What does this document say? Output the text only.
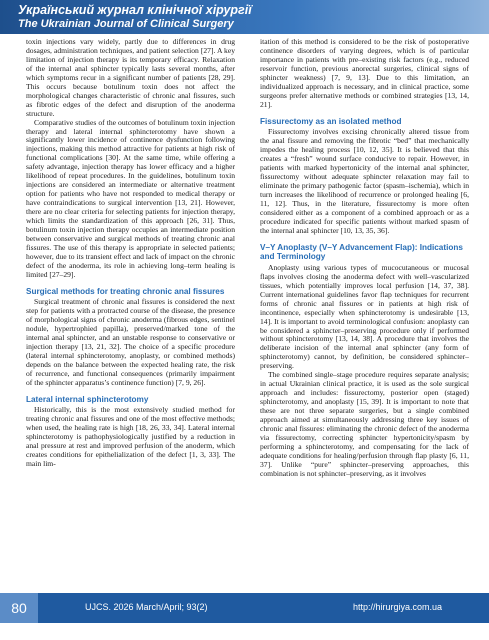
Український журнал клінічної хірургії
The Ukrainian Journal of Clinical Surgery

toxin injections vary widely, partly due to differences in drug dosages, administration techniques, and patient selection [27]. A key limitation of injection therapy is its temporary efficacy. Relaxation of the internal anal sphincter typically lasts several months, after which symptoms recur in a significant number of patients [28, 29]. This occurs because botulinum toxin does not affect the morphological changes characteristic of chronic anal fissures, such as fibrotic edges of the defect and disruption of the anoderma structure.

Comparative studies of the outcomes of botulinum toxin injection therapy and lateral internal sphincterotomy have shown a significantly lower incidence of continence dysfunction following injections, making this method attractive for patients at high risk of functional complications [30]. At the same time, while offering a safety advantage, injection therapy has lower efficacy and a higher likelihood of repeat procedures. In the guidelines, botulinum toxin injections are considered an intermediate or alternative treatment option for patients who have not responded to medical therapy or have contraindications to surgical intervention [13, 21]. However, there are no clear criteria for selecting patients for injection therapy, which limits the standardization of this approach [26, 31]. Thus, botulinum toxin injection therapy occupies an intermediate position between conservative and surgical methods of treating chronic anal fissures. The use of this therapy is appropriate in selected patients; however, due to its transient effect and lack of impact on the chronic defect of the anoderma, its role in achieving long–term healing is limited [27–29].

Surgical methods for treating chronic anal fissures

Surgical treatment of chronic anal fissures is considered the next step for patients with a protracted course of the disease, the presence of morphological signs of chronic anoderma (fibrous edges, sentinel nodule, hypertrophied papilla), preserved/marked tone of the internal anal sphincter, and an unstable response to conservative or injection therapy [13, 21, 32]. The choice of a specific procedure (lateral internal sphincterotomy, anoplasty, or combined methods) depends on the balance between the expected healing rate, the risk of recurrence, and functional consequences (primarily impairment of the sphincter apparatus’s continence function) [7, 9, 26].

Lateral internal sphincterotomy

Historically, this is the most extensively studied method for treating chronic anal fissures and one of the most effective methods; when used, the healing rate is high [18, 26, 33, 34]. Lateral internal sphincterotomy is pathophysiologically justified by a reduction in anal pressure at rest and improved perfusion of the anoderm, which creates conditions for epithelialization of the defect [1, 3, 33]. The main lim-

itation of this method is considered to be the risk of postoperative continence disorders of varying degrees, which is of particular importance in patients with pre–existing risk factors (e.g., reduced reservoir function, previous anorectal surgeries, clinical signs of sphincter weakness) [7, 9, 13]. Due to this limitation, an individualized approach is necessary, and in clinical practice, some surgeons prefer alternative methods or combined strategies [13, 14, 21].

Fissurectomy as an isolated method

Fissurectomy involves excising chronically altered tissue from the anal fissure and removing the fibrotic “bed” that mechanically impedes the healing process [10, 12, 35]. It is believed that this creates a “fresh” wound surface conducive to repair. However, in patients with marked hypertonicity of the internal anal sphincter, fissurectomy without adequate sphincter relaxation may fail to eliminate the primary pathogenic factor (spasm–ischemia), which in turn increases the likelihood of recurrence or prolonged healing [6, 11, 12]. Thus, in the literature, fissurectomy is more often considered either as a component of a combined approach or as a procedure indicated for specific patients without marked spasm of the internal anal sphincter [10, 13, 35, 36].

V–Y Anoplasty (V–Y Advancement Flap): Indications and Terminology

Anoplasty using various types of mucocutaneous or mucosal flaps involves closing the anoderma defect with well–vascularized tissues, which potentially improves local perfusion [14, 37, 38]. Current international guidelines favor flap techniques for recurrent forms of chronic anal fissures or in patients at high risk of incontinence, especially when sphincterotomy is undesirable [13, 14]. It is important to avoid terminological confusion: anoplasty can be considered a sphincter–preserving procedure only if performed without sphincterotomy [13, 14, 38]. A procedure that involves the deliberate incision of the internal anal sphincter (any form of sphincterotomy) cannot, by definition, be considered sphincter–preserving.

The combined single–stage procedure requires separate analysis; in actual Ukrainian clinical practice, it is used as the sole surgical approach and includes: fissurectomy, posterior open (staged) sphincterotomy, and anoplasty [15, 39]. It is important to note that these are not three separate surgeries, but a single combined approach aimed at simultaneously addressing three key issues of chronic anal fissures: eliminating the chronic defect of the anoderma via fissurectomy, correcting sphincter hypertonicity/spasm by performing a sphincterotomy, and compensating for the lack of adequate conditions for healing/perfusion through flap plasty [6, 11, 37]. Unlike “pure” sphincter–preserving approaches, this combination is not sphincter–preserving, as it involves

80	UJCS. 2026 March/April; 93(2)	http://hirurgiya.com.ua
